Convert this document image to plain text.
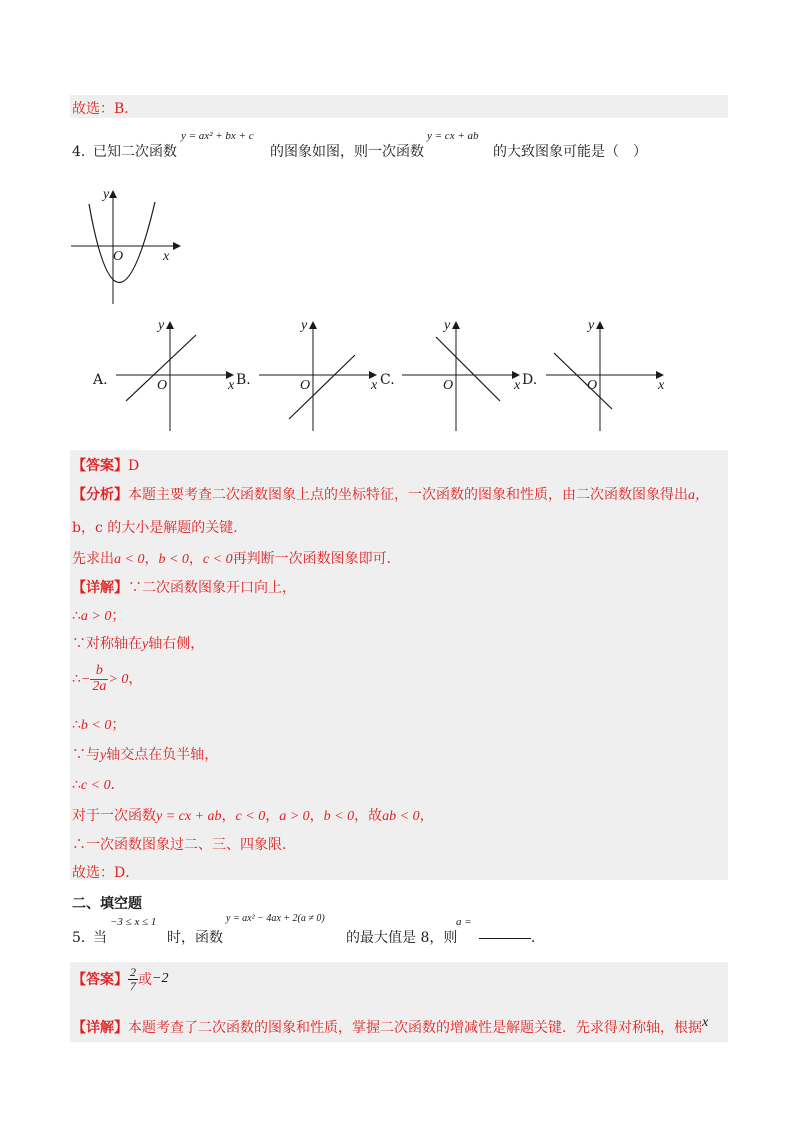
故选：B．
4．
已知二次函数
y = ax² + bx + c
的图象如图，则一次函数
y = cx + ab
的大致图象可能是（　）
y
x
O
A.
y
x
O	B.
y
x
O	C.
y
x
O	D.
y
x
O
【答案】D
【分析】本题主要考查二次函数图象上点的坐标特征，一次函数的图象和性质，由二次函数图象得出a，
b，c 的大小是解题的关键．
先求出a < 0，b < 0，c < 0再判断一次函数图象即可．
【详解】∵二次函数图象开口向上，
∴a > 0；
∵对称轴在y轴右侧，
∴− $\frac{b}{2a} > 0$，
∴b < 0；
∵与y轴交点在负半轴，
∴c < 0．
对于一次函数y = cx + ab，c < 0，a > 0，b < 0，故ab < 0，
∴一次函数图象过二、三、四象限．
故选：D．
二、填空题
5．
当
−3 ≤ x ≤ 1
时，函数
y = ax² − 4ax + 2(a ≠ 0)
的最大值是 8，则
a =
．
【答案】 $\frac{2}{7}$ 或−2
【详解】本题考查了二次函数的图象和性质，掌握二次函数的增减性是解题关键．先求得对称轴，根据x
